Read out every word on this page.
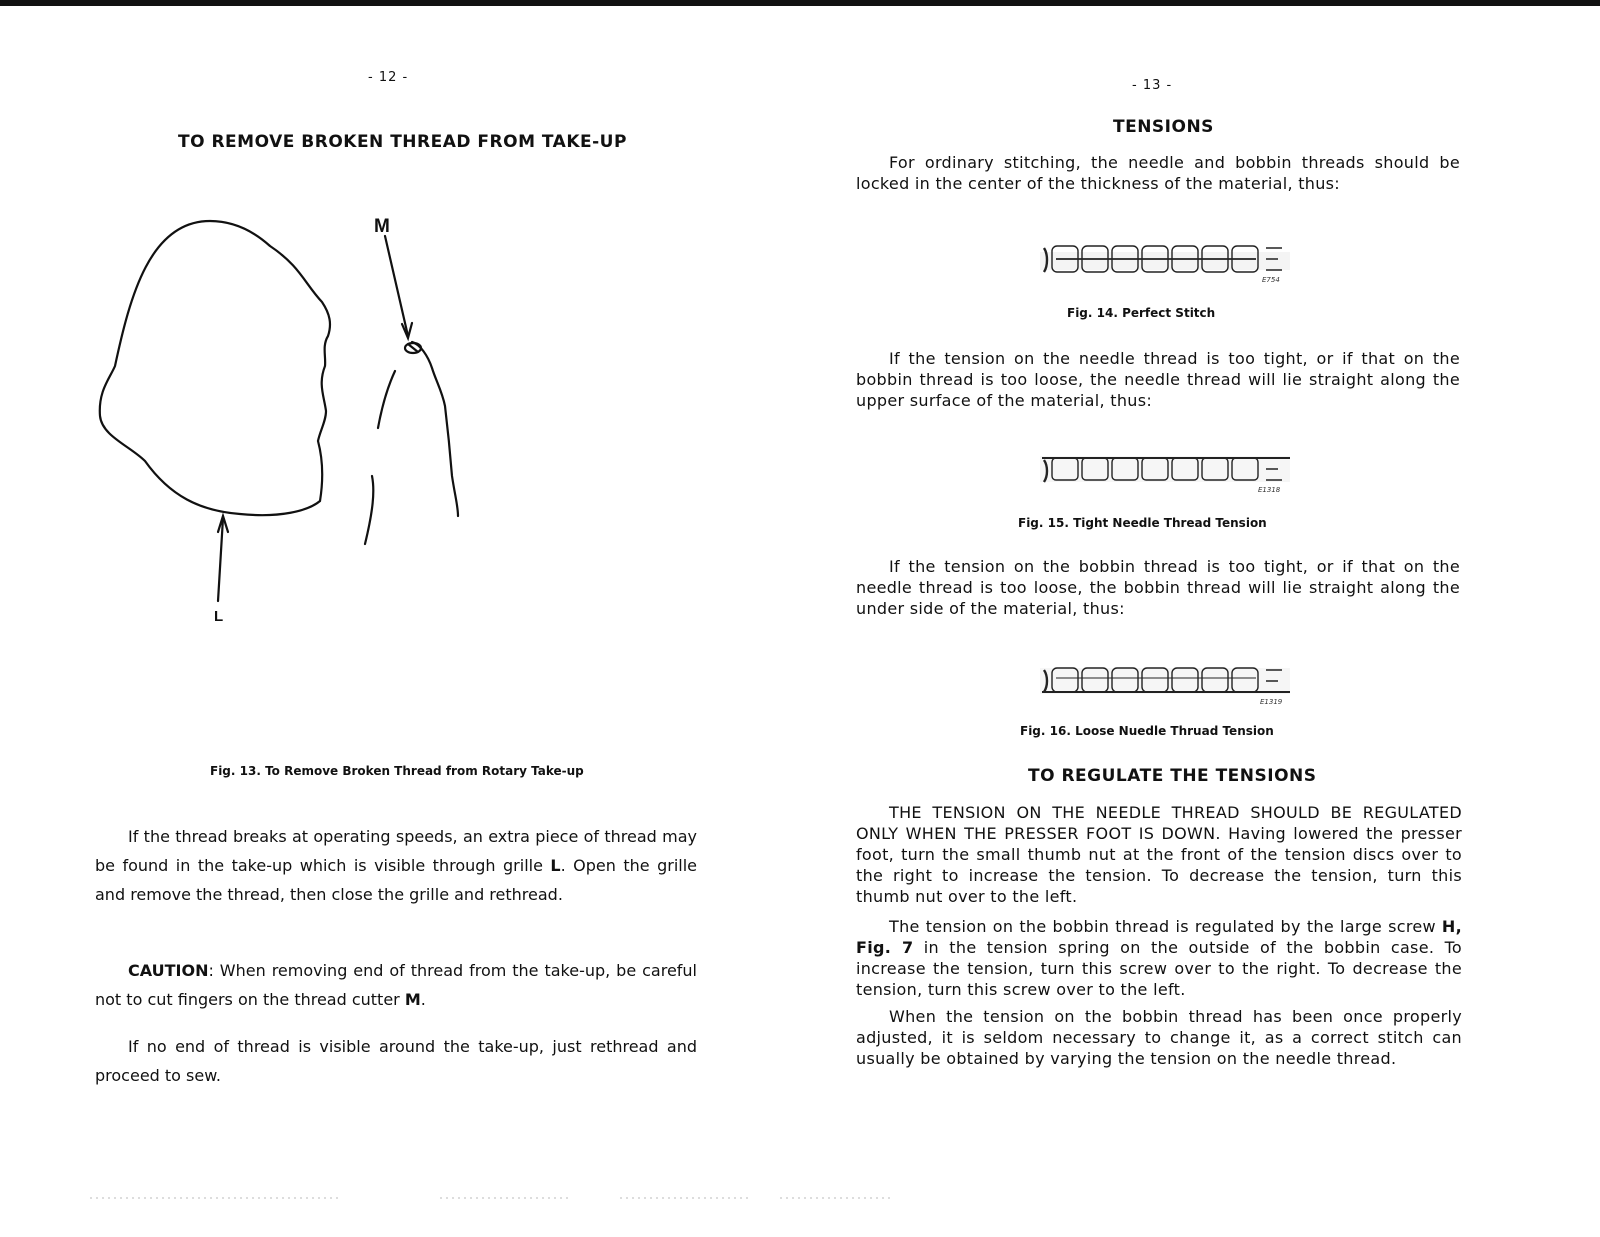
- 12 -
TO REMOVE BROKEN THREAD FROM TAKE-UP
M
L
Fig. 13. To Remove Broken Thread from Rotary Take-up

If the thread breaks at operating speeds, an extra piece of thread may be found in the take-up which is visible through grille L. Open the grille and remove the thread, then close the grille and rethread.

CAUTION: When removing end of thread from the take-up, be careful not to cut fingers on the thread cutter M.

If no end of thread is visible around the take-up, just rethread and proceed to sew.

- 13 -
TENSIONS

For ordinary stitching, the needle and bobbin threads should be locked in the center of the thickness of the material, thus:

E754
Fig. 14. Perfect Stitch

If the tension on the needle thread is too tight, or if that on the bobbin thread is too loose, the needle thread will lie straight along the upper surface of the material, thus:

E1318
Fig. 15. Tight Needle Thread Tension

If the tension on the bobbin thread is too tight, or if that on the needle thread is too loose, the bobbin thread will lie straight along the under side of the material, thus:

E1319
Fig. 16. Loose Nuedle Thruad Tension
TO REGULATE THE TENSIONS

THE TENSION ON THE NEEDLE THREAD SHOULD BE REGULATED ONLY WHEN THE PRESSER FOOT IS DOWN. Having lowered the presser foot, turn the small thumb nut at the front of the tension discs over to the right to increase the tension. To decrease the tension, turn this thumb nut over to the left.

The tension on the bobbin thread is regulated by the large screw H, Fig. 7 in the tension spring on the outside of the bobbin case. To increase the tension, turn this screw over to the right. To decrease the tension, turn this screw over to the left.

When the tension on the bobbin thread has been once properly adjusted, it is seldom necessary to change it, as a correct stitch can usually be obtained by varying the tension on the needle thread.
